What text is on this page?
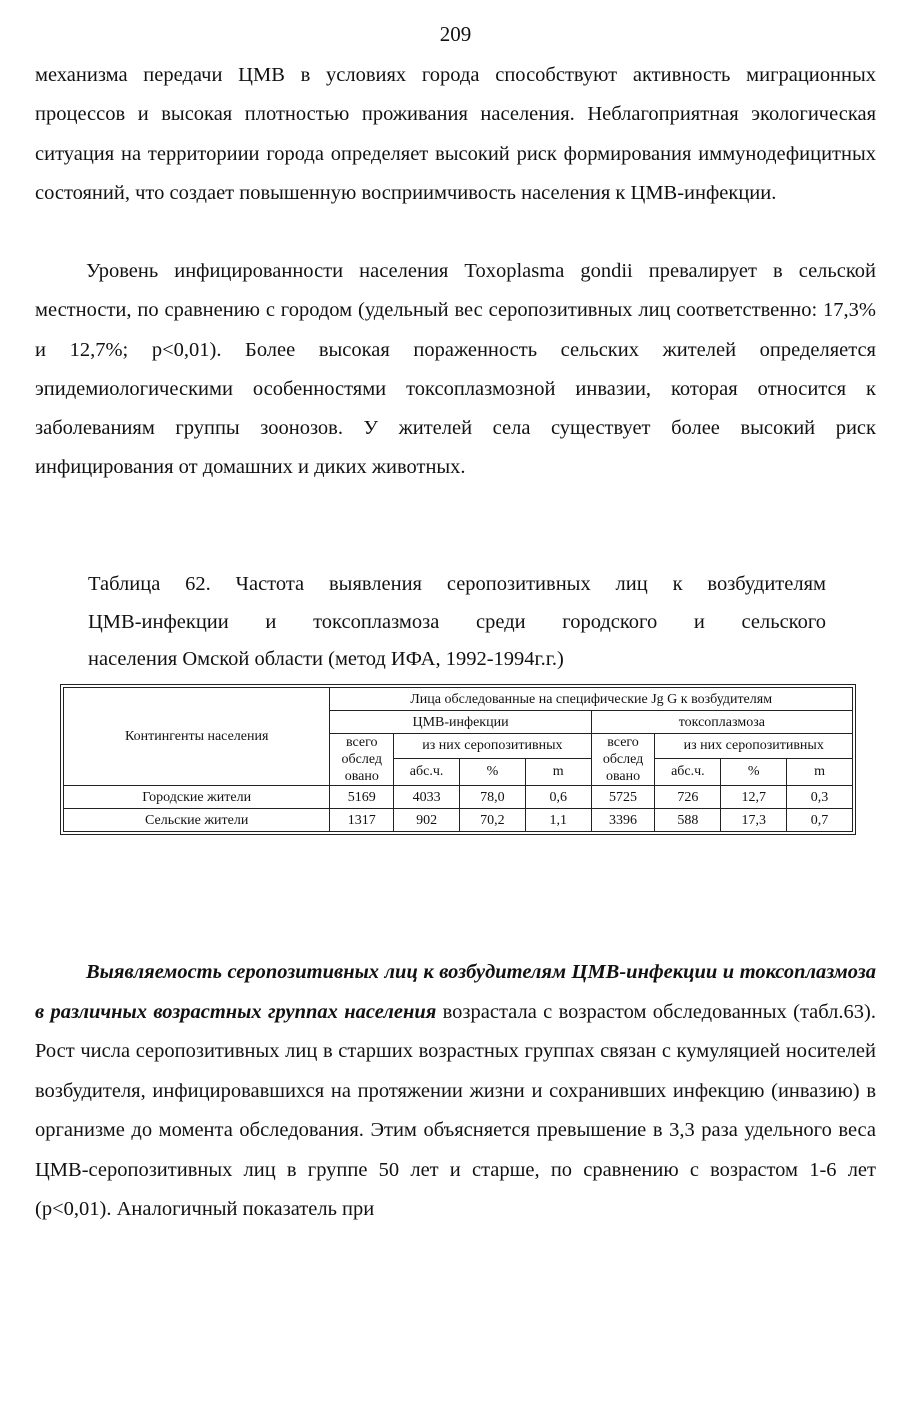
209

механизма передачи ЦМВ в условиях города способствуют активность миграционных процессов и высокая плотностью проживания населения. Неблагоприятная экологическая ситуация на территориии города определяет высокий риск формирования иммунодефицитных состояний, что создает повышенную восприимчивость населения к ЦМВ-инфекции.

Уровень инфицированности населения Toxoplasma gondii превалирует в сельской местности, по сравнению с городом (удельный вес серопозитивных лиц соответственно: 17,3% и 12,7%; p<0,01). Более высокая пораженность сельских жителей определяется эпидемиологическими особенностями токсоплазмозной инвазии, которая относится к заболеваниям группы зоонозов. У жителей села существует более высокий риск инфицирования от домашних и диких животных.

Таблица 62. Частота выявления серопозитивных лиц к возбудителям
ЦМВ-инфекции и токсоплазмоза среди городского и сельского
населения Омской области (метод ИФА, 1992-1994г.г.)
Контингенты населения	Лица обследованные на специфические Jg G к возбудителям							
	ЦМВ-инфекции				токсоплазмоза			
	всего обслед овано	из них серопозитивных			всего обслед овано	из них серопозитивных		
		абс.ч.	%	m		абс.ч.	%	m
Городские жители	5169	4033	78,0	0,6	5725	726	12,7	0,3
Сельские жители	1317	902	70,2	1,1	3396	588	17,3	0,7

Выявляемость серопозитивных лиц к возбудителям ЦМВ-инфекции и токсоплазмоза в различных возрастных группах населения возрастала с возрастом обследованных (табл.63). Рост числа серопозитивных лиц в старших возрастных группах связан с кумуляцией носителей возбудителя, инфицировавшихся на протяжении жизни и сохранивших инфекцию (инвазию) в организме до момента обследования. Этим объясняется превышение в 3,3 раза удельного веса ЦМВ-серопозитивных лиц в группе 50 лет и старше, по сравнению с возрастом 1-6 лет (p<0,01). Аналогичный показатель при
